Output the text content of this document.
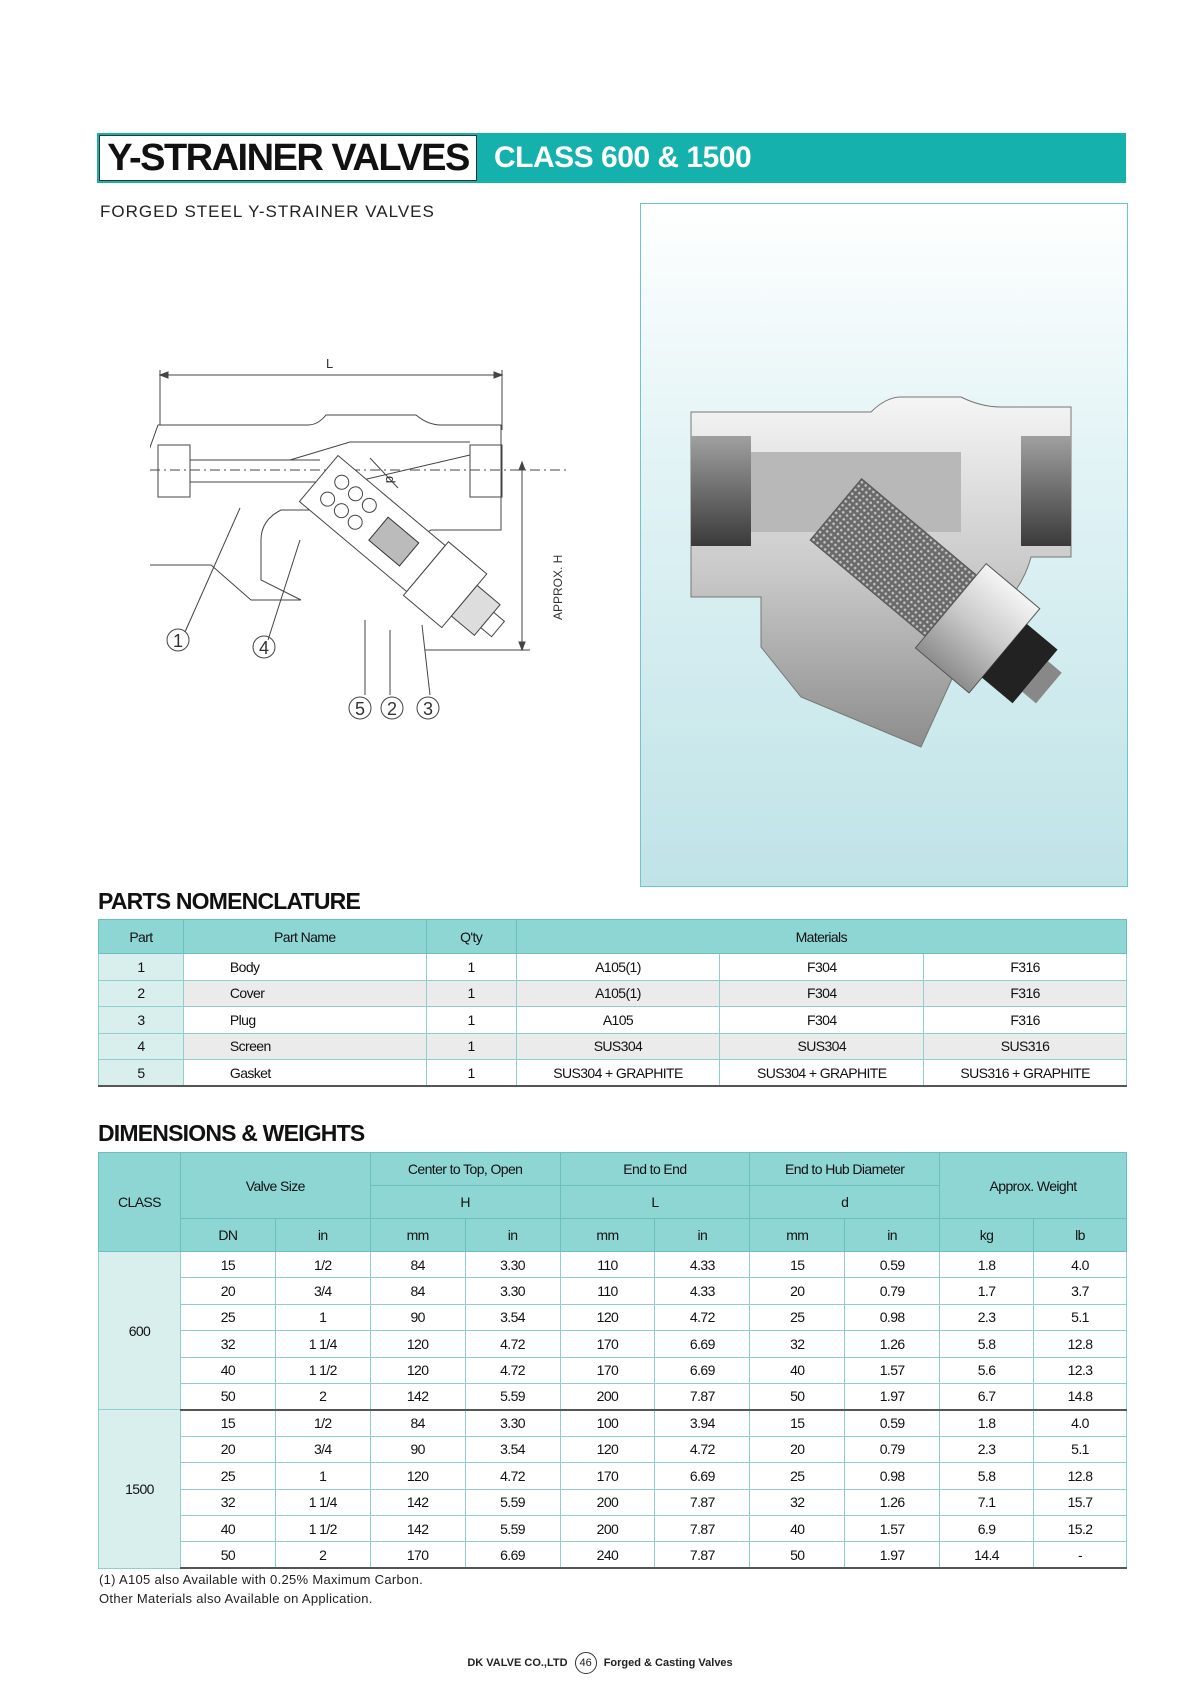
Y-STRAINER VALVES CLASS 600 & 1500
FORGED STEEL Y-STRAINER VALVES
L
d
APPROX. H
1	4
5 2 3
PARTS NOMENCLATURE
Part	Part Name	Q'ty	Materials		
1	Body	1	A105(1)	F304	F316
2	Cover	1	A105(1)	F304	F316
3	Plug	1	A105	F304	F316
4	Screen	1	SUS304	SUS304	SUS316
5	Gasket	1	SUS304 + GRAPHITE	SUS304 + GRAPHITE	SUS316 + GRAPHITE
DIMENSIONS & WEIGHTS
CLASS	Valve Size		Center to Top, Open		End to End		End to Hub Diameter		Approx. Weight	
			H		L		d			
	DN	in	mm	in	mm	in	mm	in	kg	lb
600	15	1/2	84	3.30	110	4.33	15	0.59	1.8	4.0
	20	3/4	84	3.30	110	4.33	20	0.79	1.7	3.7
	25	1	90	3.54	120	4.72	25	0.98	2.3	5.1
	32	1 1/4	120	4.72	170	6.69	32	1.26	5.8	12.8
	40	1 1/2	120	4.72	170	6.69	40	1.57	5.6	12.3
	50	2	142	5.59	200	7.87	50	1.97	6.7	14.8
1500	15	1/2	84	3.30	100	3.94	15	0.59	1.8	4.0
	20	3/4	90	3.54	120	4.72	20	0.79	2.3	5.1
	25	1	120	4.72	170	6.69	25	0.98	5.8	12.8
	32	1 1/4	142	5.59	200	7.87	32	1.26	7.1	15.7
	40	1 1/2	142	5.59	200	7.87	40	1.57	6.9	15.2
	50	2	170	6.69	240	7.87	50	1.97	14.4	-
(1) A105 also Available with 0.25% Maximum Carbon.
Other Materials also Available on Application.
DK VALVE CO.,LTD 46 Forged & Casting Valves
